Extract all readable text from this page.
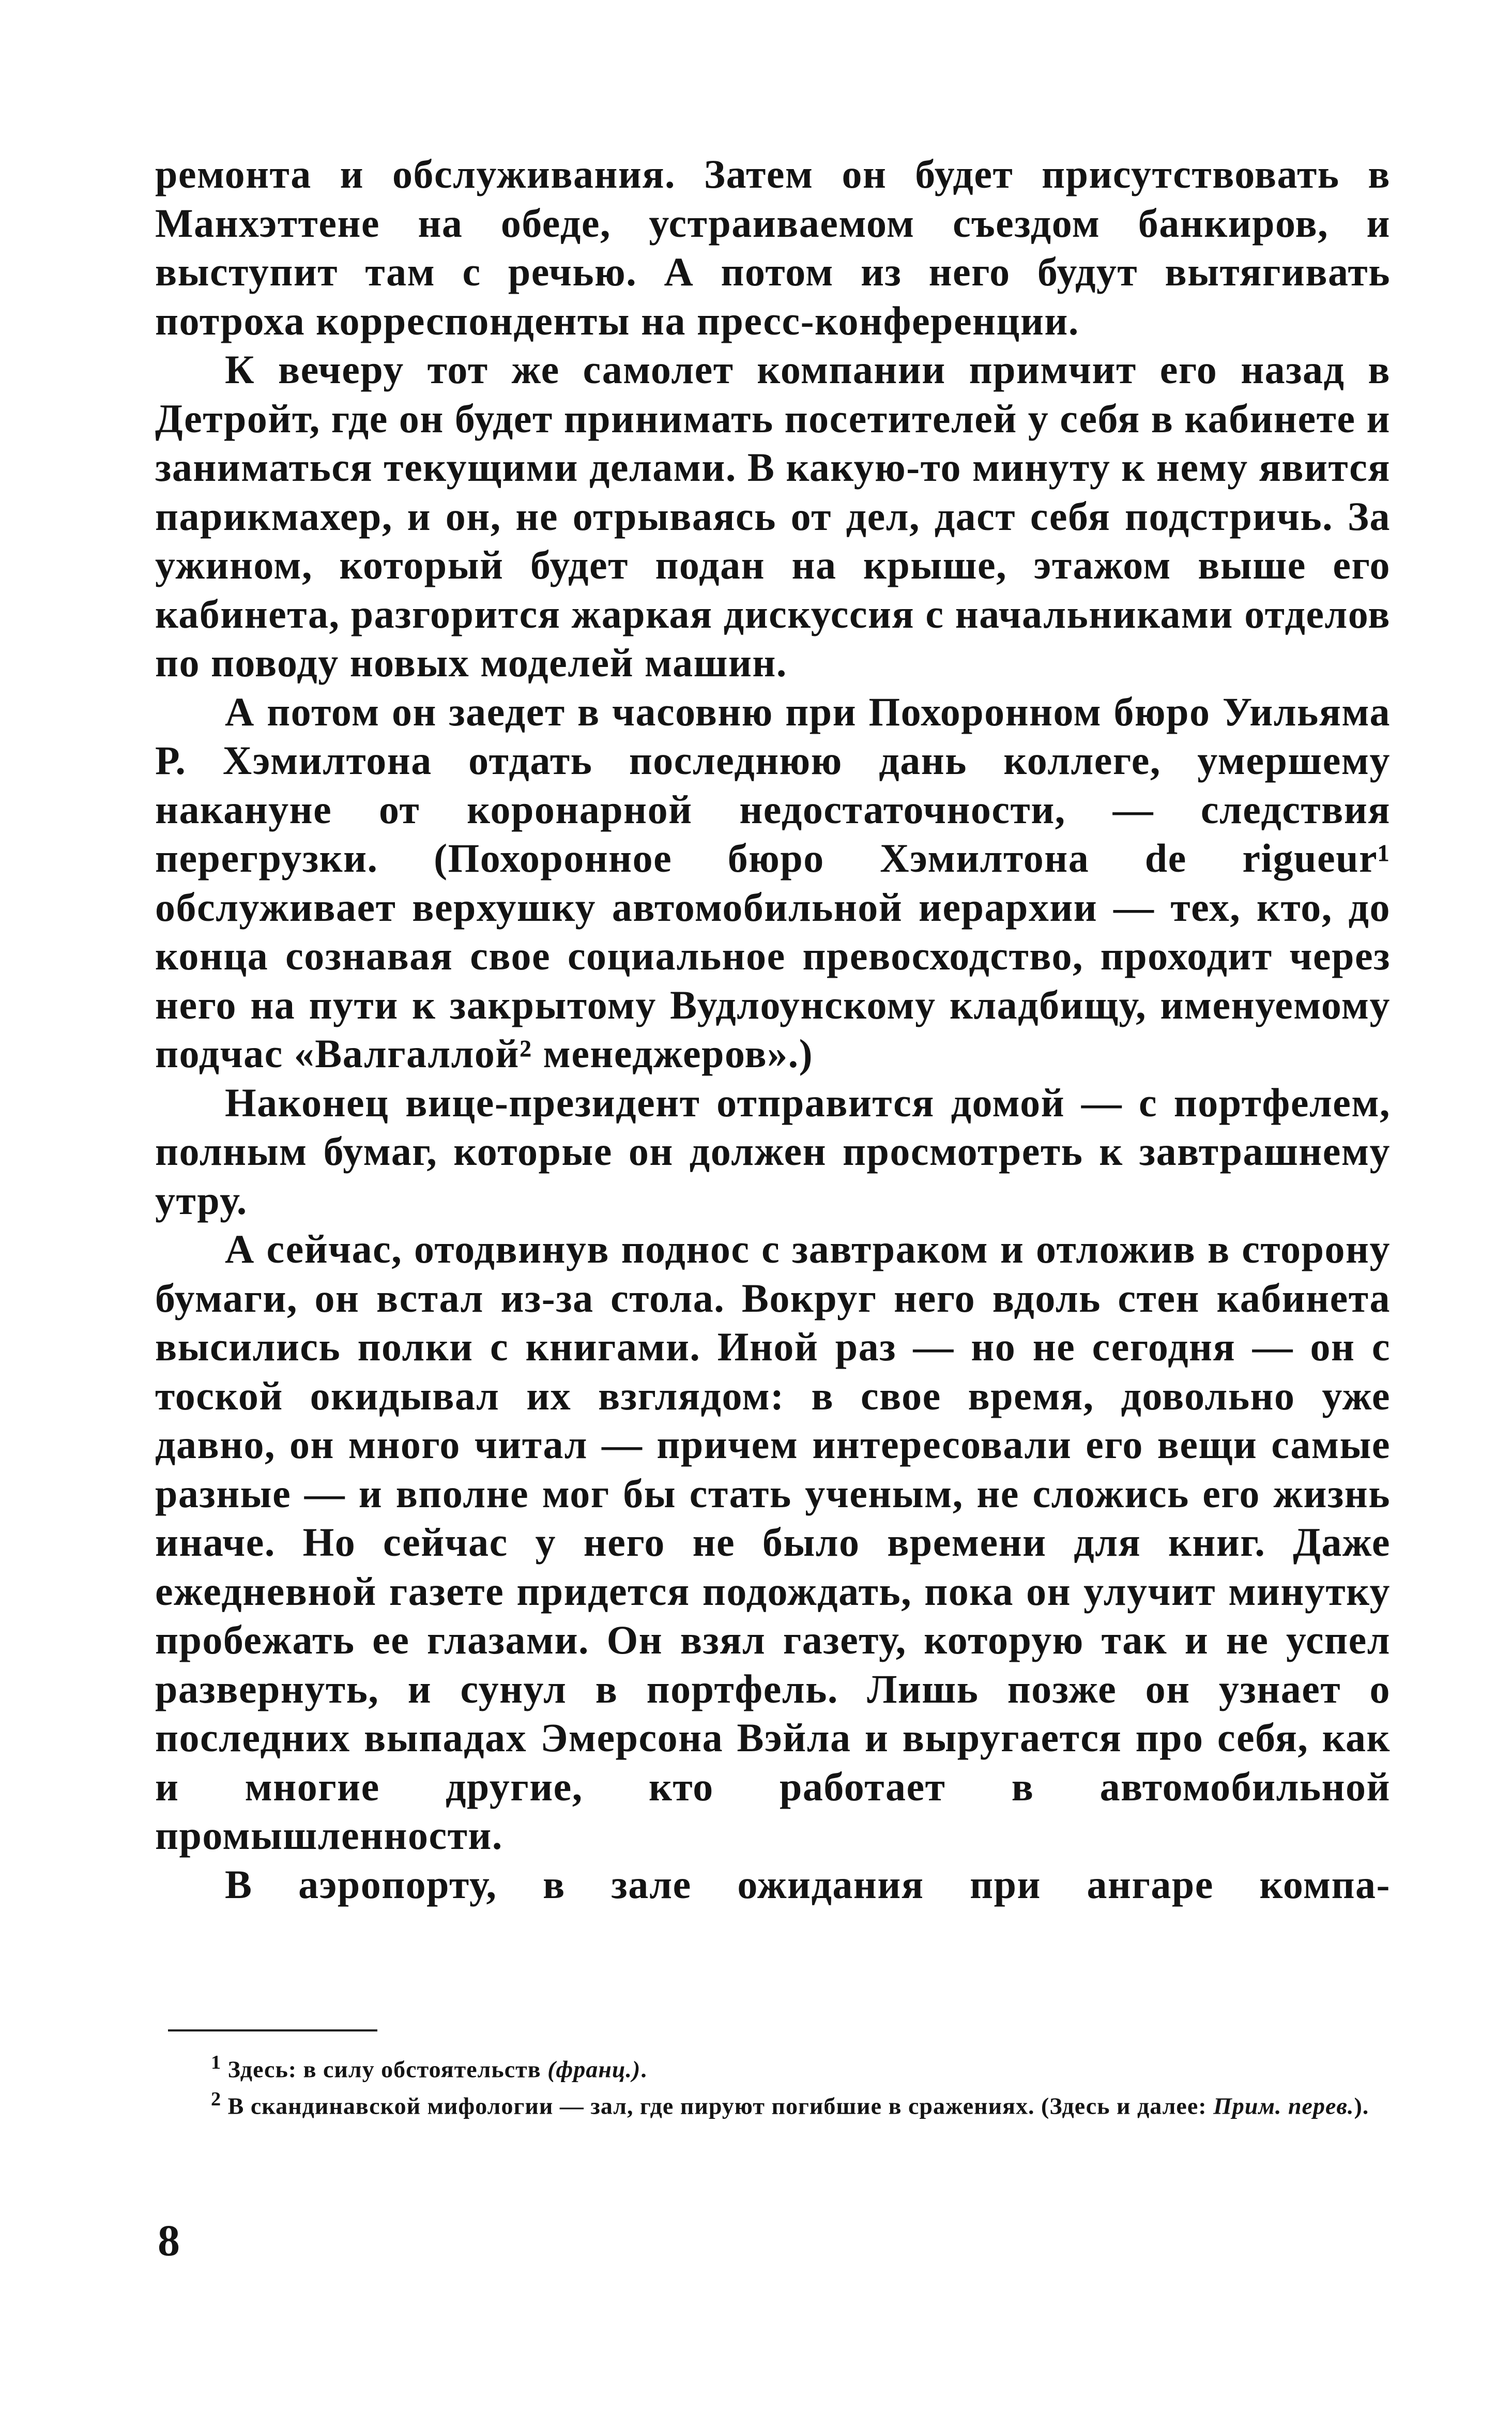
ремонта и обслуживания. Затем он будет присутствовать в Манхэттене на обеде, устраиваемом съездом банкиров, и выступит там с речью. А потом из него будут вытягивать потроха корреспонденты на пресс-конференции.

К вечеру тот же самолет компании примчит его назад в Детройт, где он будет принимать посетителей у себя в кабинете и заниматься текущими делами. В какую-то минуту к нему явится парикмахер, и он, не отрываясь от дел, даст себя подстричь. За ужином, который будет подан на крыше, этажом выше его кабинета, разгорится жаркая дискуссия с начальниками отделов по поводу новых моделей машин.

А потом он заедет в часовню при Похоронном бюро Уильяма Р. Хэмилтона отдать последнюю дань коллеге, умершему накануне от коронарной недостаточности, — следствия перегрузки. (Похоронное бюро Хэмилтона de rigueur¹ обслуживает верхушку автомобильной иерархии — тех, кто, до конца сознавая свое социальное превосходство, проходит через него на пути к закрытому Вудлоунскому кладбищу, именуемому подчас «Валгаллой² менеджеров».)

Наконец вице-президент отправится домой — с портфелем, полным бумаг, которые он должен просмотреть к завтрашнему утру.

А сейчас, отодвинув поднос с завтраком и отложив в сторону бумаги, он встал из-за стола. Вокруг него вдоль стен кабинета высились полки с книгами. Иной раз — но не сегодня — он с тоской окидывал их взглядом: в свое время, довольно уже давно, он много читал — причем интересовали его вещи самые разные — и вполне мог бы стать ученым, не сложись его жизнь иначе. Но сейчас у него не было времени для книг. Даже ежедневной газете придется подождать, пока он улучит минутку пробежать ее глазами. Он взял газету, которую так и не успел развернуть, и сунул в портфель. Лишь позже он узнает о последних выпадах Эмерсона Вэйла и выругается про себя, как и многие другие, кто работает в автомобильной промышленности.

В аэропорту, в зале ожидания при ангаре компа-

$^1$ Здесь: в силу обстоятельств (франц.).

$^2$ В скандинавской мифологии — зал, где пируют погибшие в сражениях. (Здесь и далее: Прим. перев.).

8
